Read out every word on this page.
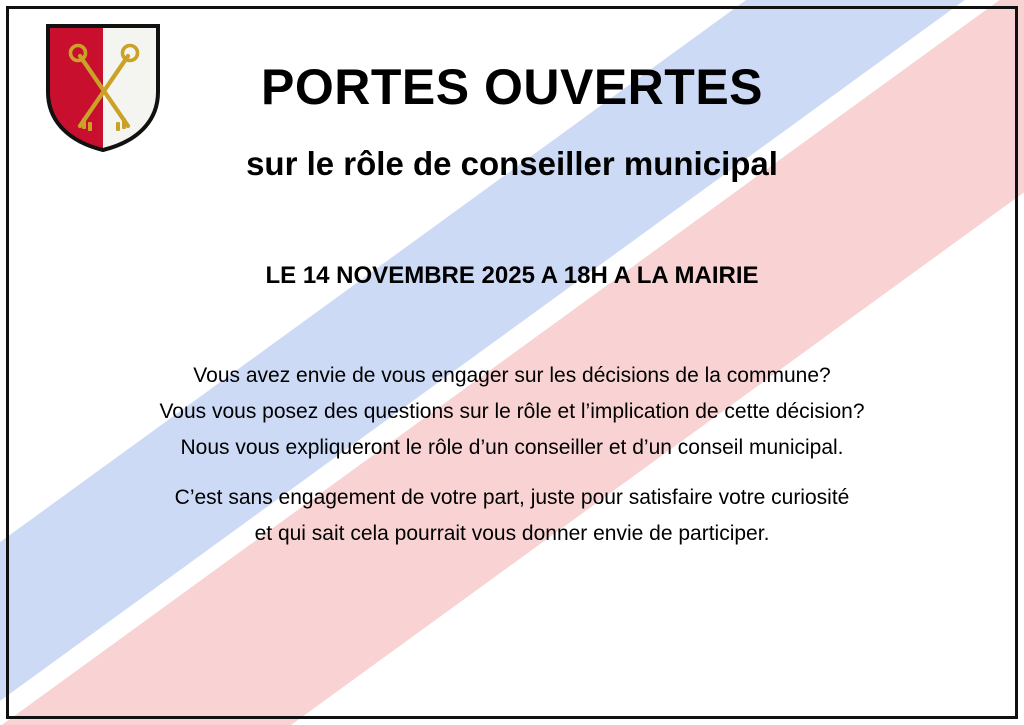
PORTES OUVERTES
sur le rôle de conseiller municipal
LE 14 NOVEMBRE 2025 A 18H A LA MAIRIE
Vous avez envie de vous engager sur les décisions de la commune?
Vous vous posez des questions sur le rôle et l’implication de cette décision?
Nous vous expliqueront le rôle d’un conseiller et d’un conseil municipal.
C’est sans engagement de votre part, juste pour satisfaire votre curiosité
et qui sait cela pourrait vous donner envie de participer.
